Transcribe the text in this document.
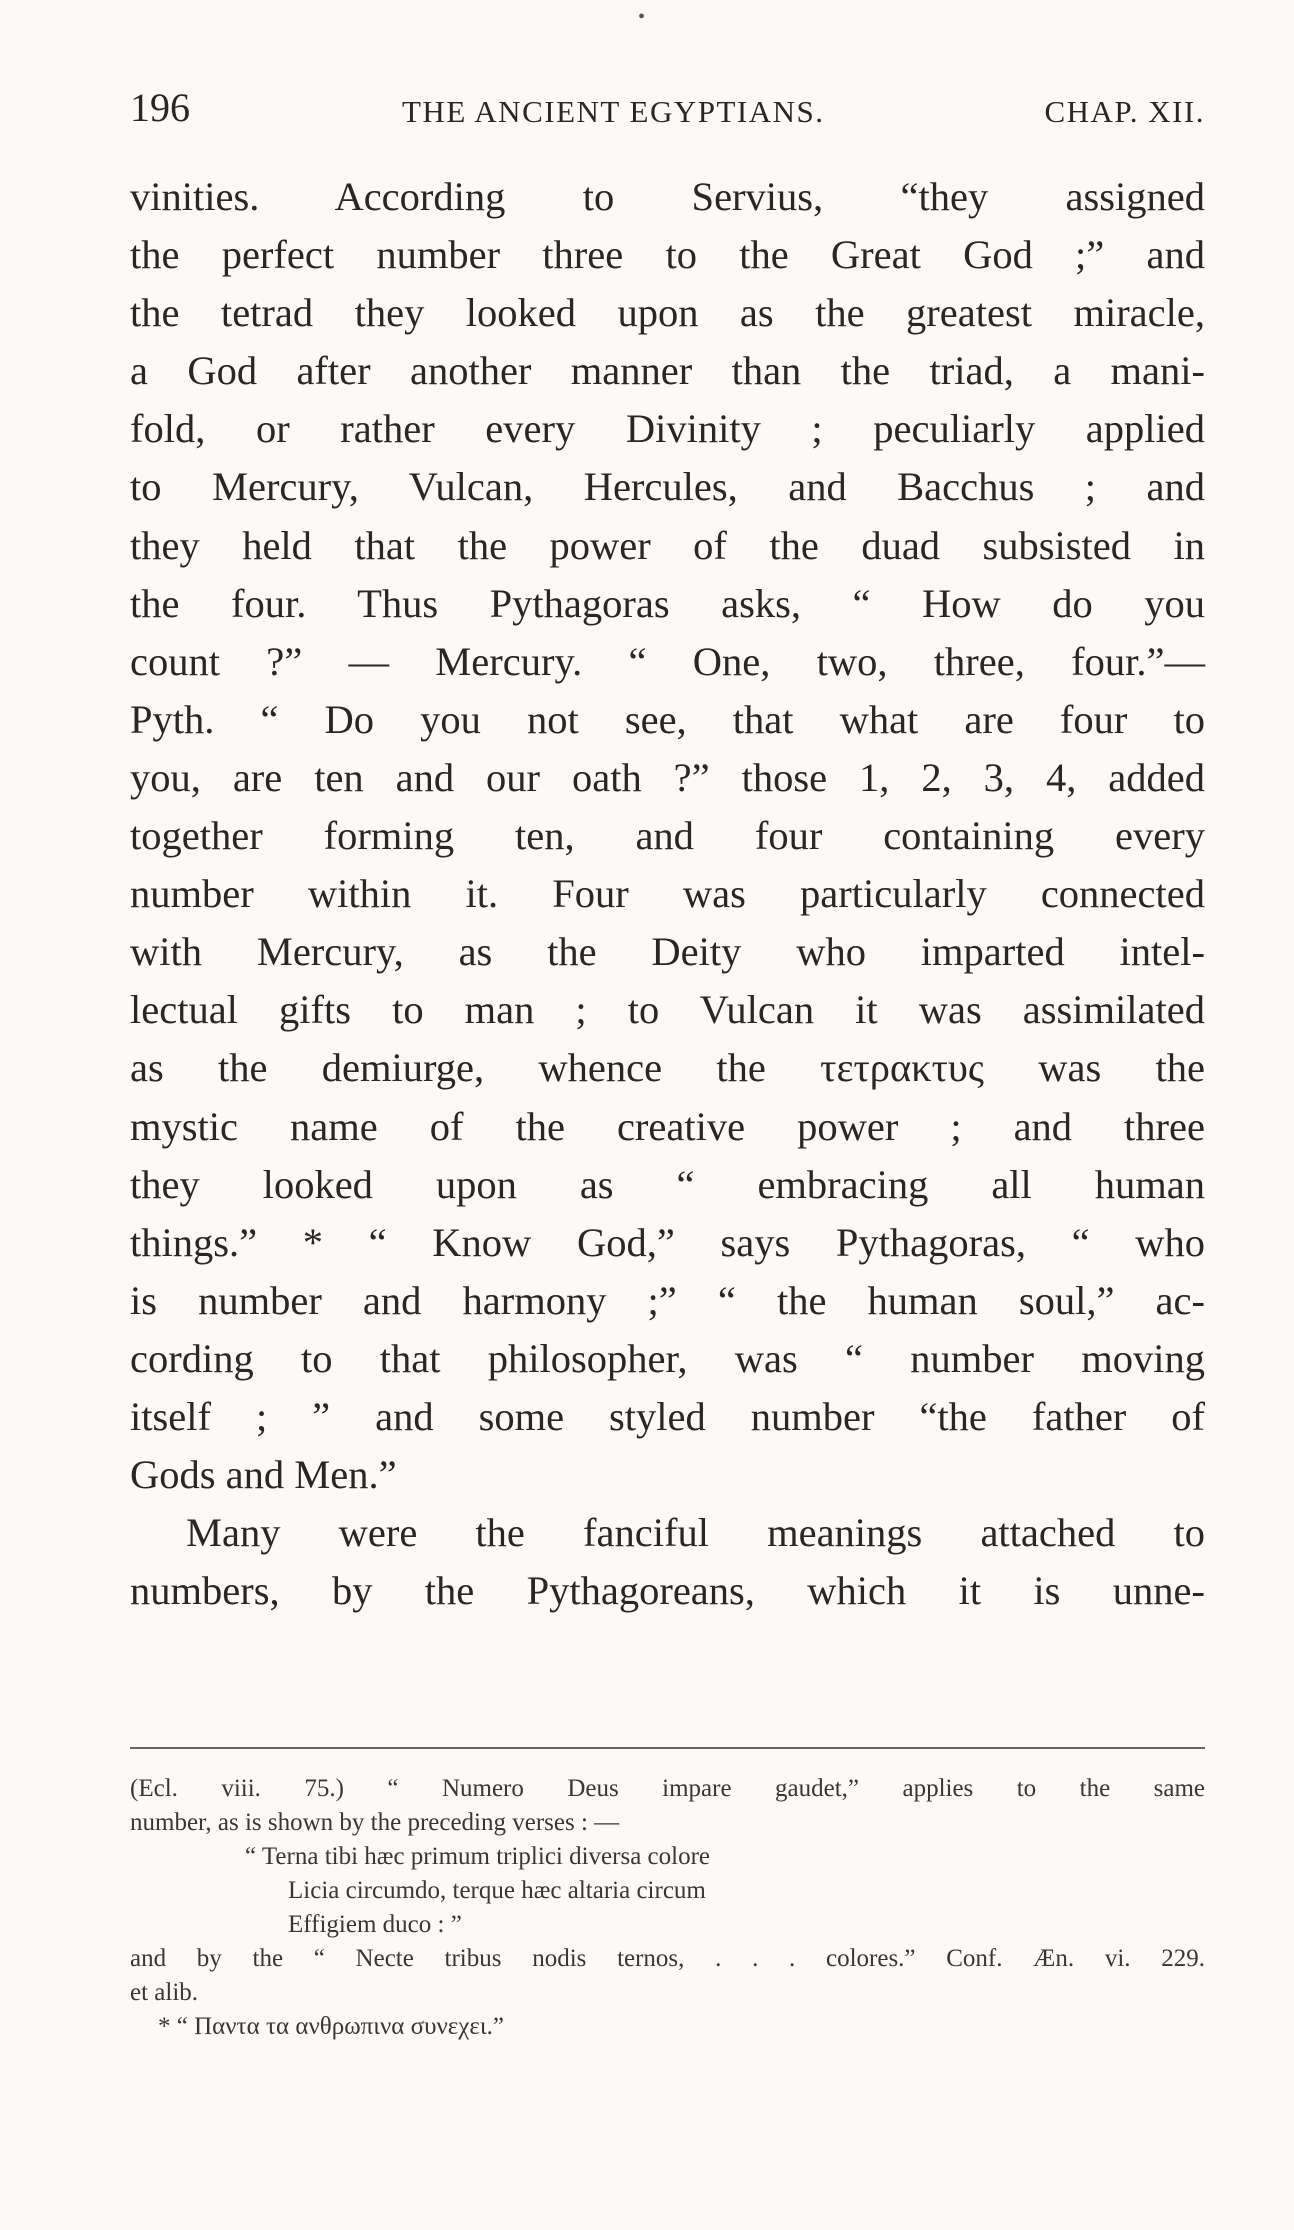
•
196	THE ANCIENT EGYPTIANS.	CHAP. XII.
vinities. According to Servius, “they assigned
the perfect number three to the Great God ;” and
the tetrad they looked upon as the greatest miracle,
a God after another manner than the triad, a mani-
fold, or rather every Divinity ; peculiarly applied
to Mercury, Vulcan, Hercules, and Bacchus ; and
they held that the power of the duad subsisted in
the four. Thus Pythagoras asks, “ How do you
count ?” — Mercury. “ One, two, three, four.”—
Pyth. “ Do you not see, that what are four to
you, are ten and our oath ?” those 1, 2, 3, 4, added
together forming ten, and four containing every
number within it. Four was particularly connected
with Mercury, as the Deity who imparted intel-
lectual gifts to man ; to Vulcan it was assimilated
as the demiurge, whence the τετρακτυς was the
mystic name of the creative power ; and three
they looked upon as “ embracing all human
things.” * “ Know God,” says Pythagoras, “ who
is number and harmony ;” “ the human soul,” ac-
cording to that philosopher, was “ number moving
itself ; ” and some styled number “the father of
Gods and Men.”
Many were the fanciful meanings attached to
numbers, by the Pythagoreans, which it is unne-
(Ecl. viii. 75.) “ Numero Deus impare gaudet,” applies to the same
number, as is shown by the preceding verses : —
“ Terna tibi hæc primum triplici diversa colore
Licia circumdo, terque hæc altaria circum
Effigiem duco : ”
and by the “ Necte tribus nodis ternos, . . . colores.” Conf. Æn. vi. 229.
et alib.
* “ Παντα τα ανθρωπινα συνεχει.”
